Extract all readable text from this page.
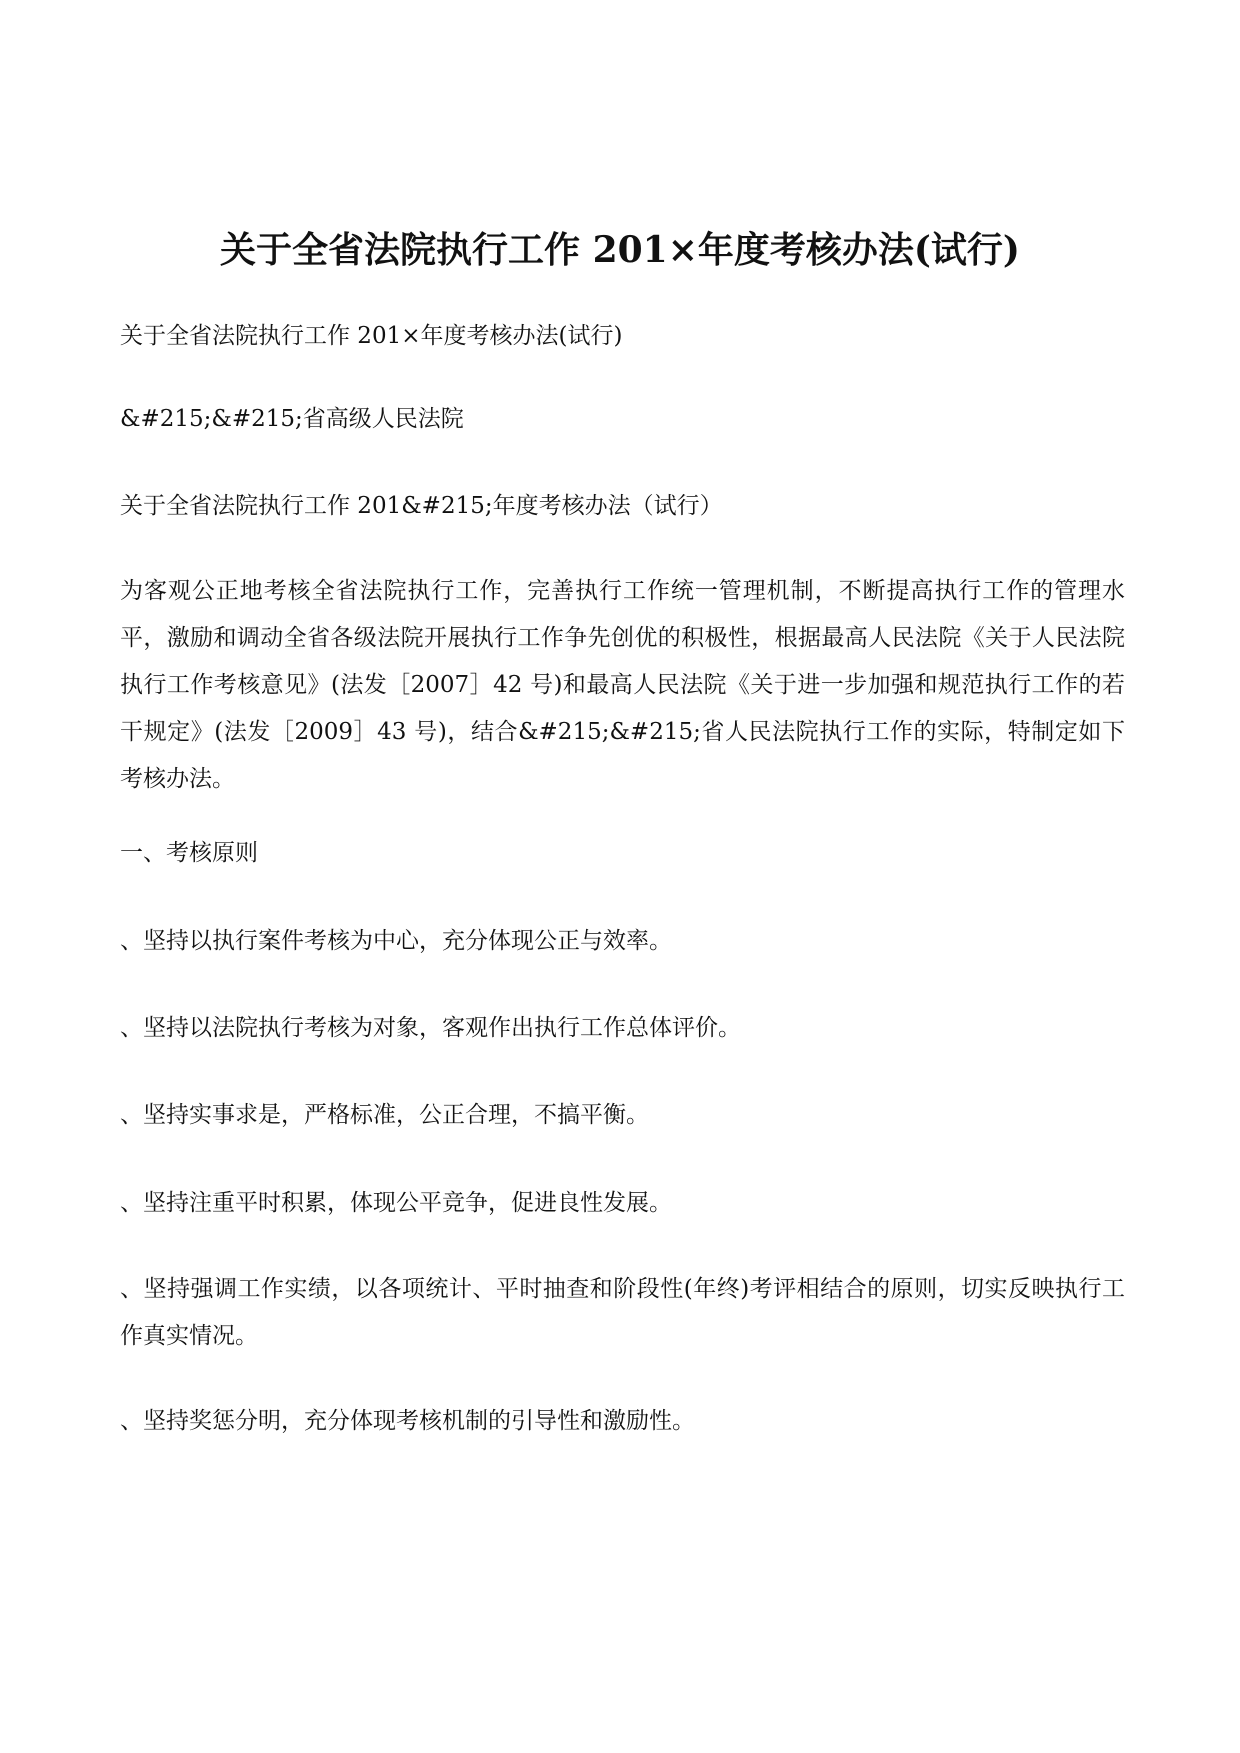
关于全省法院执行工作 201×年度考核办法(试行)

关于全省法院执行工作 201×年度考核办法(试行)

&#215;&#215;省高级人民法院

关于全省法院执行工作 201&#215;年度考核办法（试行）

为客观公正地考核全省法院执行工作，完善执行工作统一管理机制，不断提高执行工作的管理水平，激励和调动全省各级法院开展执行工作争先创优的积极性，根据最高人民法院《关于人民法院执行工作考核意见》(法发［2007］42 号)和最高人民法院《关于进一步加强和规范执行工作的若干规定》(法发［2009］43 号)，结合&#215;&#215;省人民法院执行工作的实际，特制定如下考核办法。

一、考核原则

、坚持以执行案件考核为中心，充分体现公正与效率。

、坚持以法院执行考核为对象，客观作出执行工作总体评价。

、坚持实事求是，严格标准，公正合理，不搞平衡。

、坚持注重平时积累，体现公平竞争，促进良性发展。

、坚持强调工作实绩，以各项统计、平时抽查和阶段性(年终)考评相结合的原则，切实反映执行工作真实情况。

、坚持奖惩分明，充分体现考核机制的引导性和激励性。
